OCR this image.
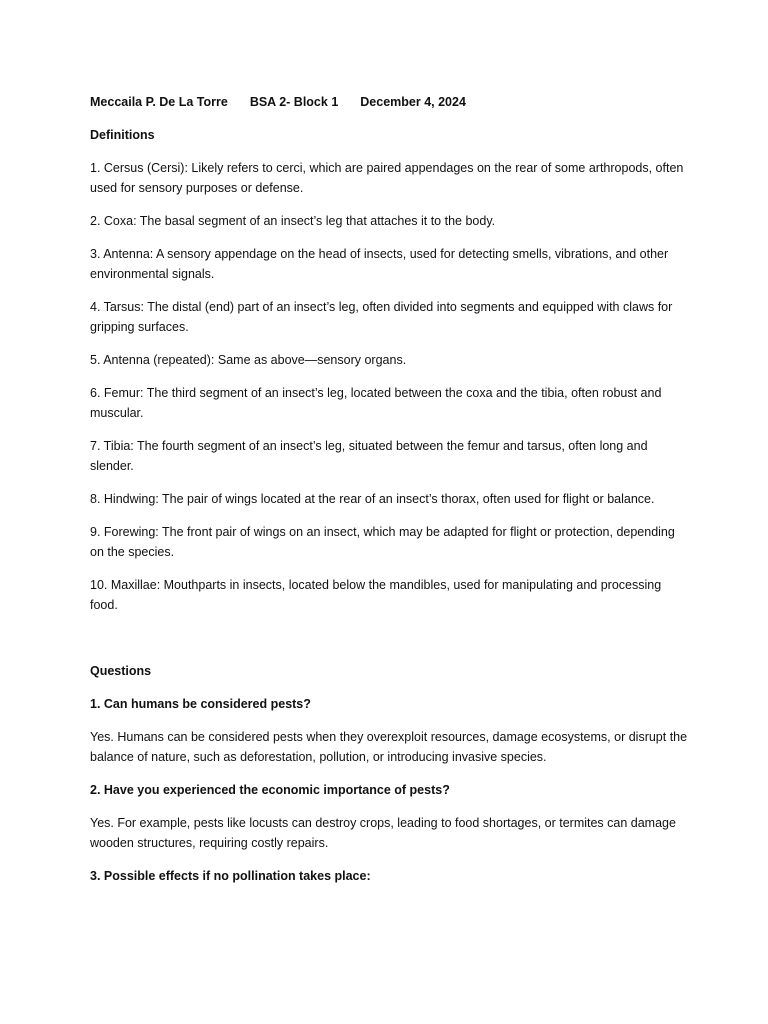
Meccaila P. De La Torre BSA 2- Block 1 December 4, 2024
Definitions
1. Cersus (Cersi): Likely refers to cerci, which are paired appendages on the rear of some arthropods, often used for sensory purposes or defense.
2. Coxa: The basal segment of an insect’s leg that attaches it to the body.
3. Antenna: A sensory appendage on the head of insects, used for detecting smells, vibrations, and other environmental signals.
4. Tarsus: The distal (end) part of an insect’s leg, often divided into segments and equipped with claws for gripping surfaces.
5. Antenna (repeated): Same as above—sensory organs.
6. Femur: The third segment of an insect’s leg, located between the coxa and the tibia, often robust and muscular.
7. Tibia: The fourth segment of an insect’s leg, situated between the femur and tarsus, often long and slender.
8. Hindwing: The pair of wings located at the rear of an insect’s thorax, often used for flight or balance.
9. Forewing: The front pair of wings on an insect, which may be adapted for flight or protection, depending on the species.
10. Maxillae: Mouthparts in insects, located below the mandibles, used for manipulating and processing food.
Questions
1. Can humans be considered pests?
Yes. Humans can be considered pests when they overexploit resources, damage ecosystems, or disrupt the balance of nature, such as deforestation, pollution, or introducing invasive species.
2. Have you experienced the economic importance of pests?
Yes. For example, pests like locusts can destroy crops, leading to food shortages, or termites can damage wooden structures, requiring costly repairs.
3. Possible effects if no pollination takes place:
